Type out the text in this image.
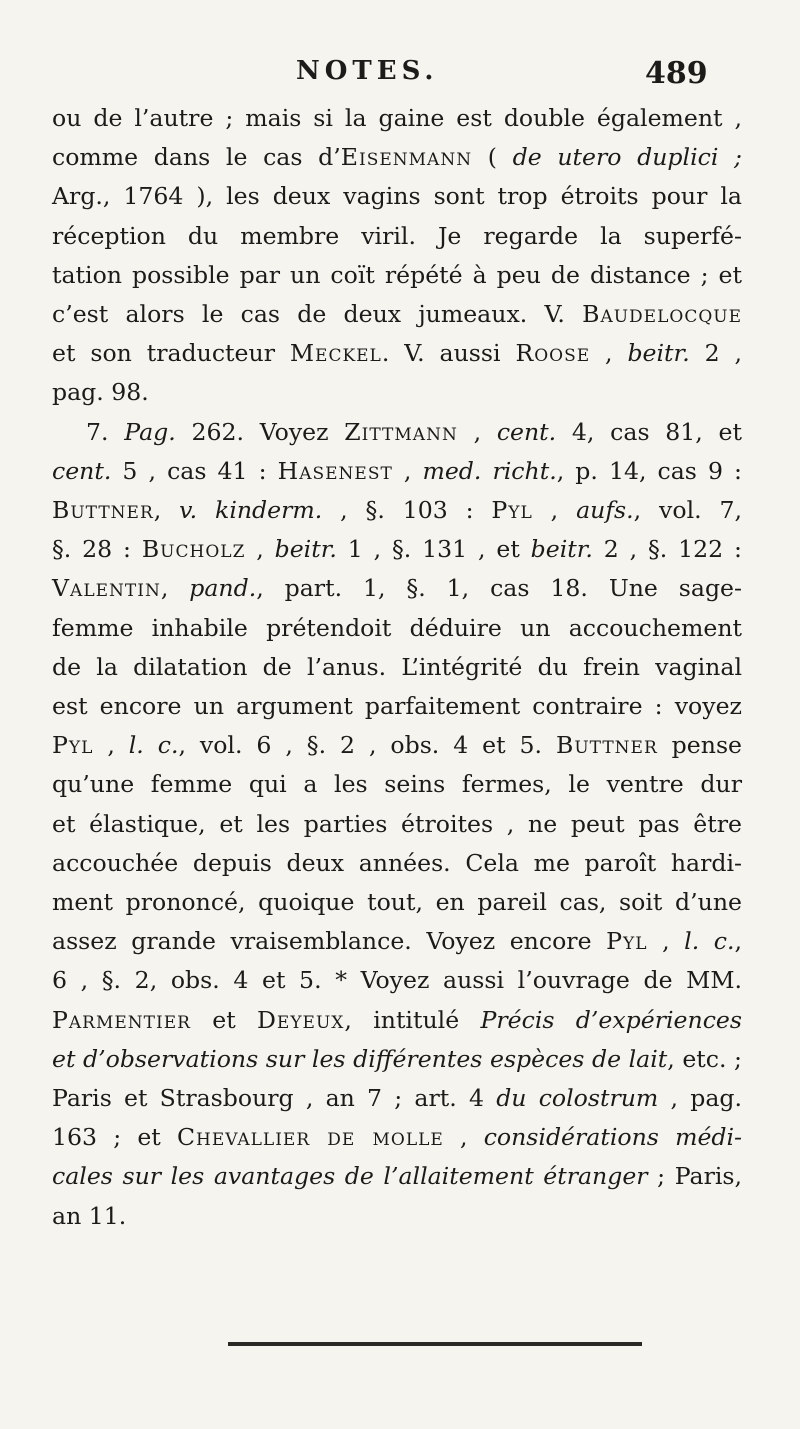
NOTES.	489
ou de l’autre ; mais si la gaine est double également ,
comme dans le cas d’Eisenmann ( de utero duplici ;
Arg., 1764 ), les deux vagins sont trop étroits pour la
réception du membre viril. Je regarde la superfé-
tation possible par un coït répété à peu de distance ; et
c’est alors le cas de deux jumeaux. V. Baudelocque
et son traducteur Meckel. V. aussi Roose , beitr. 2 ,
pag. 98.
7. Pag. 262. Voyez Zittmann , cent. 4, cas 81, et
cent. 5 , cas 41 : Hasenest , med. richt., p. 14, cas 9 :
Buttner, v. kinderm. , §. 103 : Pyl , aufs., vol. 7,
§. 28 : Bucholz , beitr. 1 , §. 131 , et beitr. 2 , §. 122 :
Valentin, pand., part. 1, §. 1, cas 18. Une sage-
femme inhabile prétendoit déduire un accouchement
de la dilatation de l’anus. L’intégrité du frein vaginal
est encore un argument parfaitement contraire : voyez
Pyl , l. c., vol. 6 , §. 2 , obs. 4 et 5. Buttner pense
qu’une femme qui a les seins fermes, le ventre dur
et élastique, et les parties étroites , ne peut pas être
accouchée depuis deux années. Cela me paroît hardi-
ment prononcé, quoique tout, en pareil cas, soit d’une
assez grande vraisemblance. Voyez encore Pyl , l. c.,
6 , §. 2, obs. 4 et 5. * Voyez aussi l’ouvrage de MM.
Parmentier et Deyeux, intitulé Précis d’expériences
et d’observations sur les différentes espèces de lait, etc. ;
Paris et Strasbourg , an 7 ; art. 4 du colostrum , pag.
163 ; et Chevallier de molle , considérations médi-
cales sur les avantages de l’allaitement étranger ; Paris,
an 11.
